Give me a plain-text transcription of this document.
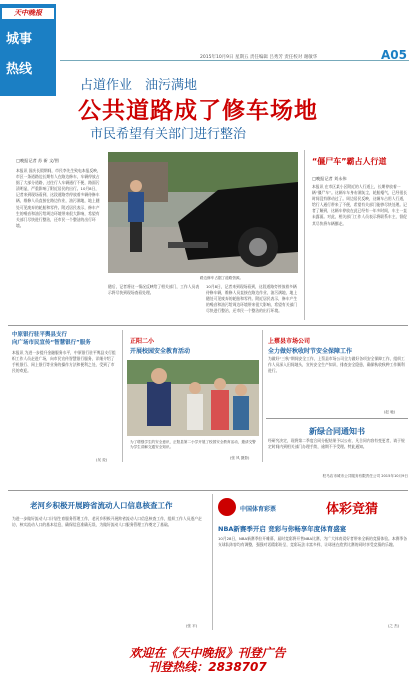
天中晚报
城事
热线
2015年10月9日 星期五 责任编辑 吕秀芳 责任校对 谢敏华	A05
占道作业　油污满地
公共道路成了修车场地
市民希望有关部门进行整治
□晚报记者 苏 新 文/图
本报讯 国庆长假期间，市民李先生致电本报反映，市区一条道路边长期有人在路边修车，车辆停放占据了大部分道路，过往行人车辆通行不便，路面污渍明显，严重影响了附近居民的出行。10月8日，记者来到现场看到，这段道路旁停放着多辆待修车辆，维修人员直接在路边作业，油污满地，地上随处可见废弃的轮胎和零件。附近居民表示，修车产生的噪音和油污给周边环境带来很大影响，希望有关部门尽快进行整治，还市民一个整洁的出行环境。
路边修车占据了道路资源。
随后，记者将这一情况反映给了相关部门，工作人员表示将尽快到现场查看处理。
10月8日，记者来到现场看到，这段道路旁停放着多辆待修车辆，维修人员直接在路边作业，油污满地，地上随处可见废弃的轮胎和零件。附近居民表示，修车产生的噪音和油污给周边环境带来很大影响，希望有关部门尽快进行整治，还市民一个整洁的出行环境。
“僵尸车”霸占人行道
□晚报记者 刘永伟
本报讯 在市区某小区附近的人行道上，长期停放着一辆“僵尸车”。这辆车车身布满灰尘，轮胎瘪气，已经很长时间没有移动过了。周边居民反映，这辆车占用人行道，给行人通行带来了不便，希望有关部门能够尽快处理。记者了解到，这辆车停放在此已经有一年多时间，车主一直未露面。对此，相关部门工作人员表示将联系车主，督促其尽快将车辆挪走。
中原银行驻平舆县支行
向广场市民宣传“智慧银行”服务
本报讯 为进一步提升金融服务水平，中原银行驻平舆县支行组织工作人员走进广场，向市民宣传智慧银行服务，详细介绍了手机银行、网上银行等业务的操作方法和便利之处，受到了市民的欢迎。
(吴 荧)
正阳二小
开展校园安全教育活动
为了增强学生的安全意识，正阳县第二小学开展了校园安全教育活动，邀请交警为学生讲解交通安全知识。
(张 风 摄影)
上蔡县市场公司
全力做好秋收时节安全保障工作
为做好“三秋”期间安全工作，上蔡县市场公司全力做好各项安全保障工作，组织工作人员深入田间地头，宣传安全生产知识，排查安全隐患，确保秋收秋种工作顺利进行。
(赵 驰)
新绿合同通知书
经研究决定，现将第二季度合同分配结果予以公布，凡合同内容有变更者，请于规定时间内到相关部门办理手续，逾期不予受理。特此通知。
驻马店市城市公共服务有限责任公司 2015年10月9日
老河乡积极开展跨省流动人口信息核查工作
为进一步做好流动人口计划生育服务管理工作，老河乡积极开展跨省流动人口信息核查工作，组织工作人员逐户走访，核实流动人口的基本信息，确保信息准确无误，为做好流动人口服务管理工作奠定了基础。
(张 平)
中国体育彩票	体彩竞猜
NBA新赛季开启 竞彩与你畅享年度体育盛宴
10月28日，NBA新赛季拉开帷幕，届时竞彩将开售NBA比赛，为广大体育爱好者带来全新的竞猜体验。本赛季各支球队阵容均有调整，强强对话精彩纷呈，竞彩玩法丰富多样，让球迷在欣赏比赛的同时享受竞猜的乐趣。
(之 杰)
欢迎在《天中晚报》刊登广告
刊登热线：2838707
